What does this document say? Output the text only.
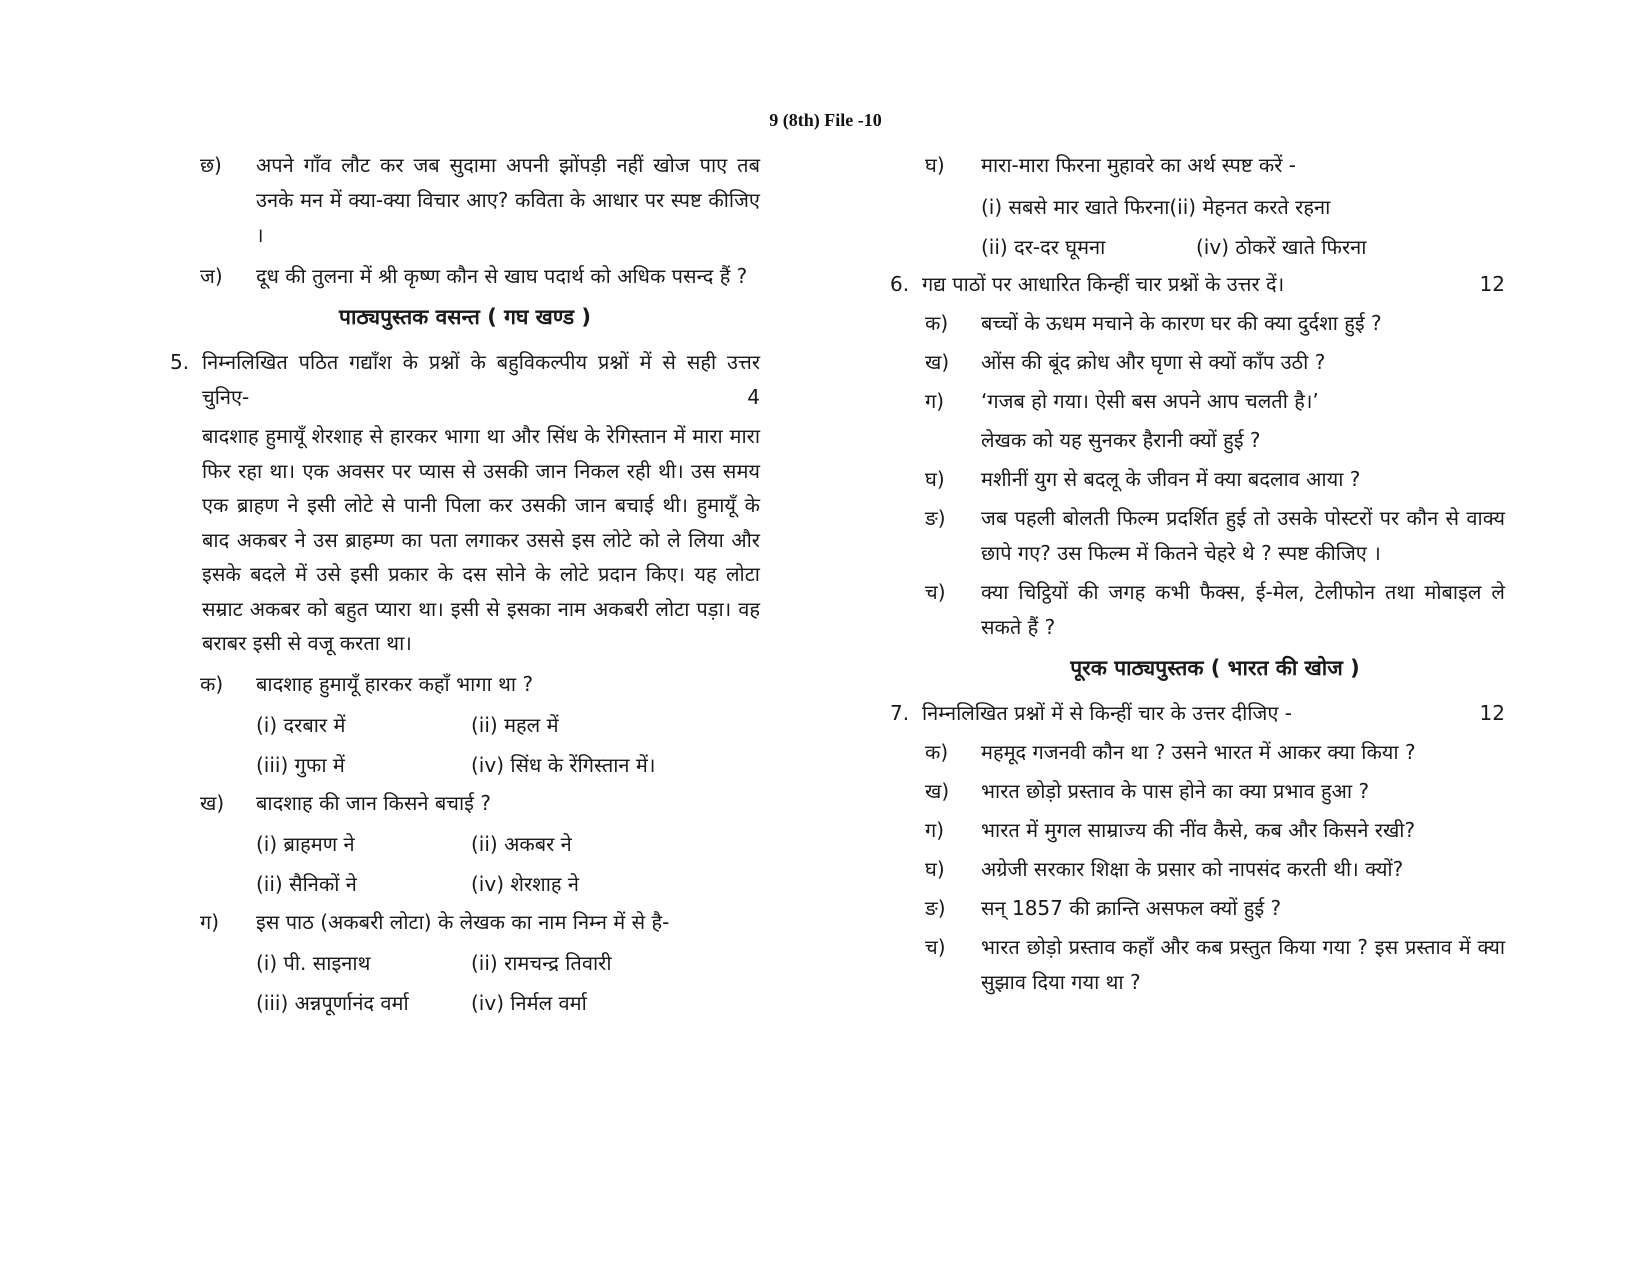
9 (8th) File -10
छ) अपने गाँव लौट कर जब सुदामा अपनी झोंपड़ी नहीं खोज पाए तब उनके मन में क्या-क्या विचार आए? कविता के आधार पर स्पष्ट कीजिए ।
ज) दूध की तुलना में श्री कृष्ण कौन से खाघ पदार्थ को अधिक पसन्द हैं ?
पाठ्यपुस्तक वसन्त ( गघ खण्ड )
5. निम्नलिखित पठित गद्याँश के प्रश्नों के बहुविकल्पीय प्रश्नों में से सही उत्तर चुनिए-	4
बादशाह हुमायूँ शेरशाह से हारकर भागा था और सिंध के रेगिस्तान में मारा मारा फिर रहा था। एक अवसर पर प्यास से उसकी जान निकल रही थी। उस समय एक ब्राहण ने इसी लोटे से पानी पिला कर उसकी जान बचाई थी। हुमायूँ के बाद अकबर ने उस ब्राहम्ण का पता लगाकर उससे इस लोटे को ले लिया और इसके बदले में उसे इसी प्रकार के दस सोने के लोटे प्रदान किए। यह लोटा सम्राट अकबर को बहुत प्यारा था। इसी से इसका नाम अकबरी लोटा पड़ा। वह बराबर इसी से वजू करता था।
क) बादशाह हुमायूँ हारकर कहाँ भागा था ?
(i) दरबार में	(ii) महल में
(iii) गुफा में	(iv) सिंध के रेंगिस्तान में।
ख) बादशाह की जान किसने बचाई ?
(i) ब्राहमण ने	(ii) अकबर ने
(ii) सैनिकों ने	(iv) शेरशाह ने
ग) इस पाठ (अकबरी लोटा) के लेखक का नाम निम्न में से है-
(i) पी. साइनाथ	(ii) रामचन्द्र तिवारी
(iii) अन्नपूर्णानंद वर्मा	(iv) निर्मल वर्मा
घ) मारा-मारा फिरना मुहावरे का अर्थ स्पष्ट करें -
(i) सबसे मार खाते फिरना(ii) मेहनत करते रहना
(ii) दर-दर घूमना	(iv) ठोकरें खाते फिरना
6. गद्य पाठों पर आधारित किन्हीं चार प्रश्नों के उत्तर दें।	12
क) बच्चों के ऊधम मचाने के कारण घर की क्या दुर्दशा हुई ?
ख) ओंस की बूंद क्रोध और घृणा से क्यों काँप उठी ?
ग) ‘गजब हो गया। ऐसी बस अपने आप चलती है।’
लेखक को यह सुनकर हैरानी क्यों हुई ?
घ) मशीनीं युग से बदलू के जीवन में क्या बदलाव आया ?
ङ) जब पहली बोलती फिल्म प्रदर्शित हुई तो उसके पोस्टरों पर कौन से वाक्य छापे गए? उस फिल्म में कितने चेहरे थे ? स्पष्ट कीजिए ।
च) क्या चिट्ठियों की जगह कभी फैक्स, ई-मेल, टेलीफोन तथा मोबाइल ले सकते हैं ?
पूरक पाठ्यपुस्तक ( भारत की खोज )
7. निम्नलिखित प्रश्नों में से किन्हीं चार के उत्तर दीजिए -	12
क) महमूद गजनवी कौन था ? उसने भारत में आकर क्या किया ?
ख) भारत छोड़ो प्रस्ताव के पास होने का क्या प्रभाव हुआ ?
ग) भारत में मुगल साम्राज्य की नींव कैसे, कब और किसने रखी?
घ) अग्रेजी सरकार शिक्षा के प्रसार को नापसंद करती थी। क्यों?
ङ) सन् 1857 की क्रान्ति असफल क्यों हुई ?
च) भारत छोड़ो प्रस्ताव कहाँ और कब प्रस्तुत किया गया ? इस प्रस्ताव में क्या सुझाव दिया गया था ?
